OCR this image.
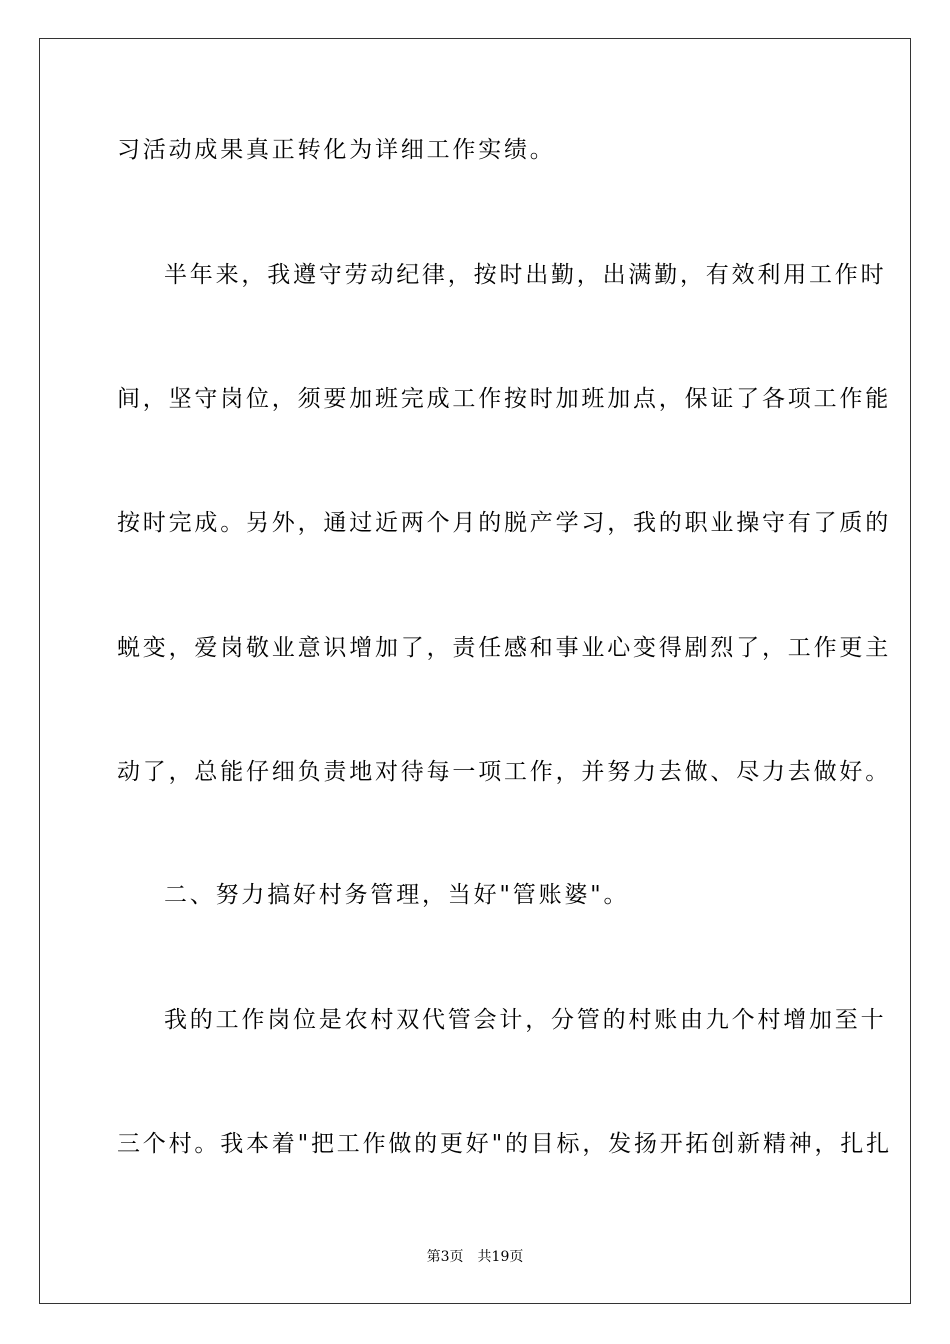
习活动成果真正转化为详细工作实绩。
半年来，我遵守劳动纪律，按时出勤，出满勤，有效利用工作时
间，坚守岗位，须要加班完成工作按时加班加点，保证了各项工作能
按时完成。另外，通过近两个月的脱产学习，我的职业操守有了质的
蜕变，爱岗敬业意识增加了，责任感和事业心变得剧烈了，工作更主
动了，总能仔细负责地对待每一项工作，并努力去做、尽力去做好。
二、努力搞好村务管理，当好"管账婆"。
我的工作岗位是农村双代管会计，分管的村账由九个村增加至十
三个村。我本着"把工作做的更好"的目标，发扬开拓创新精神，扎扎
第3页 共19页
